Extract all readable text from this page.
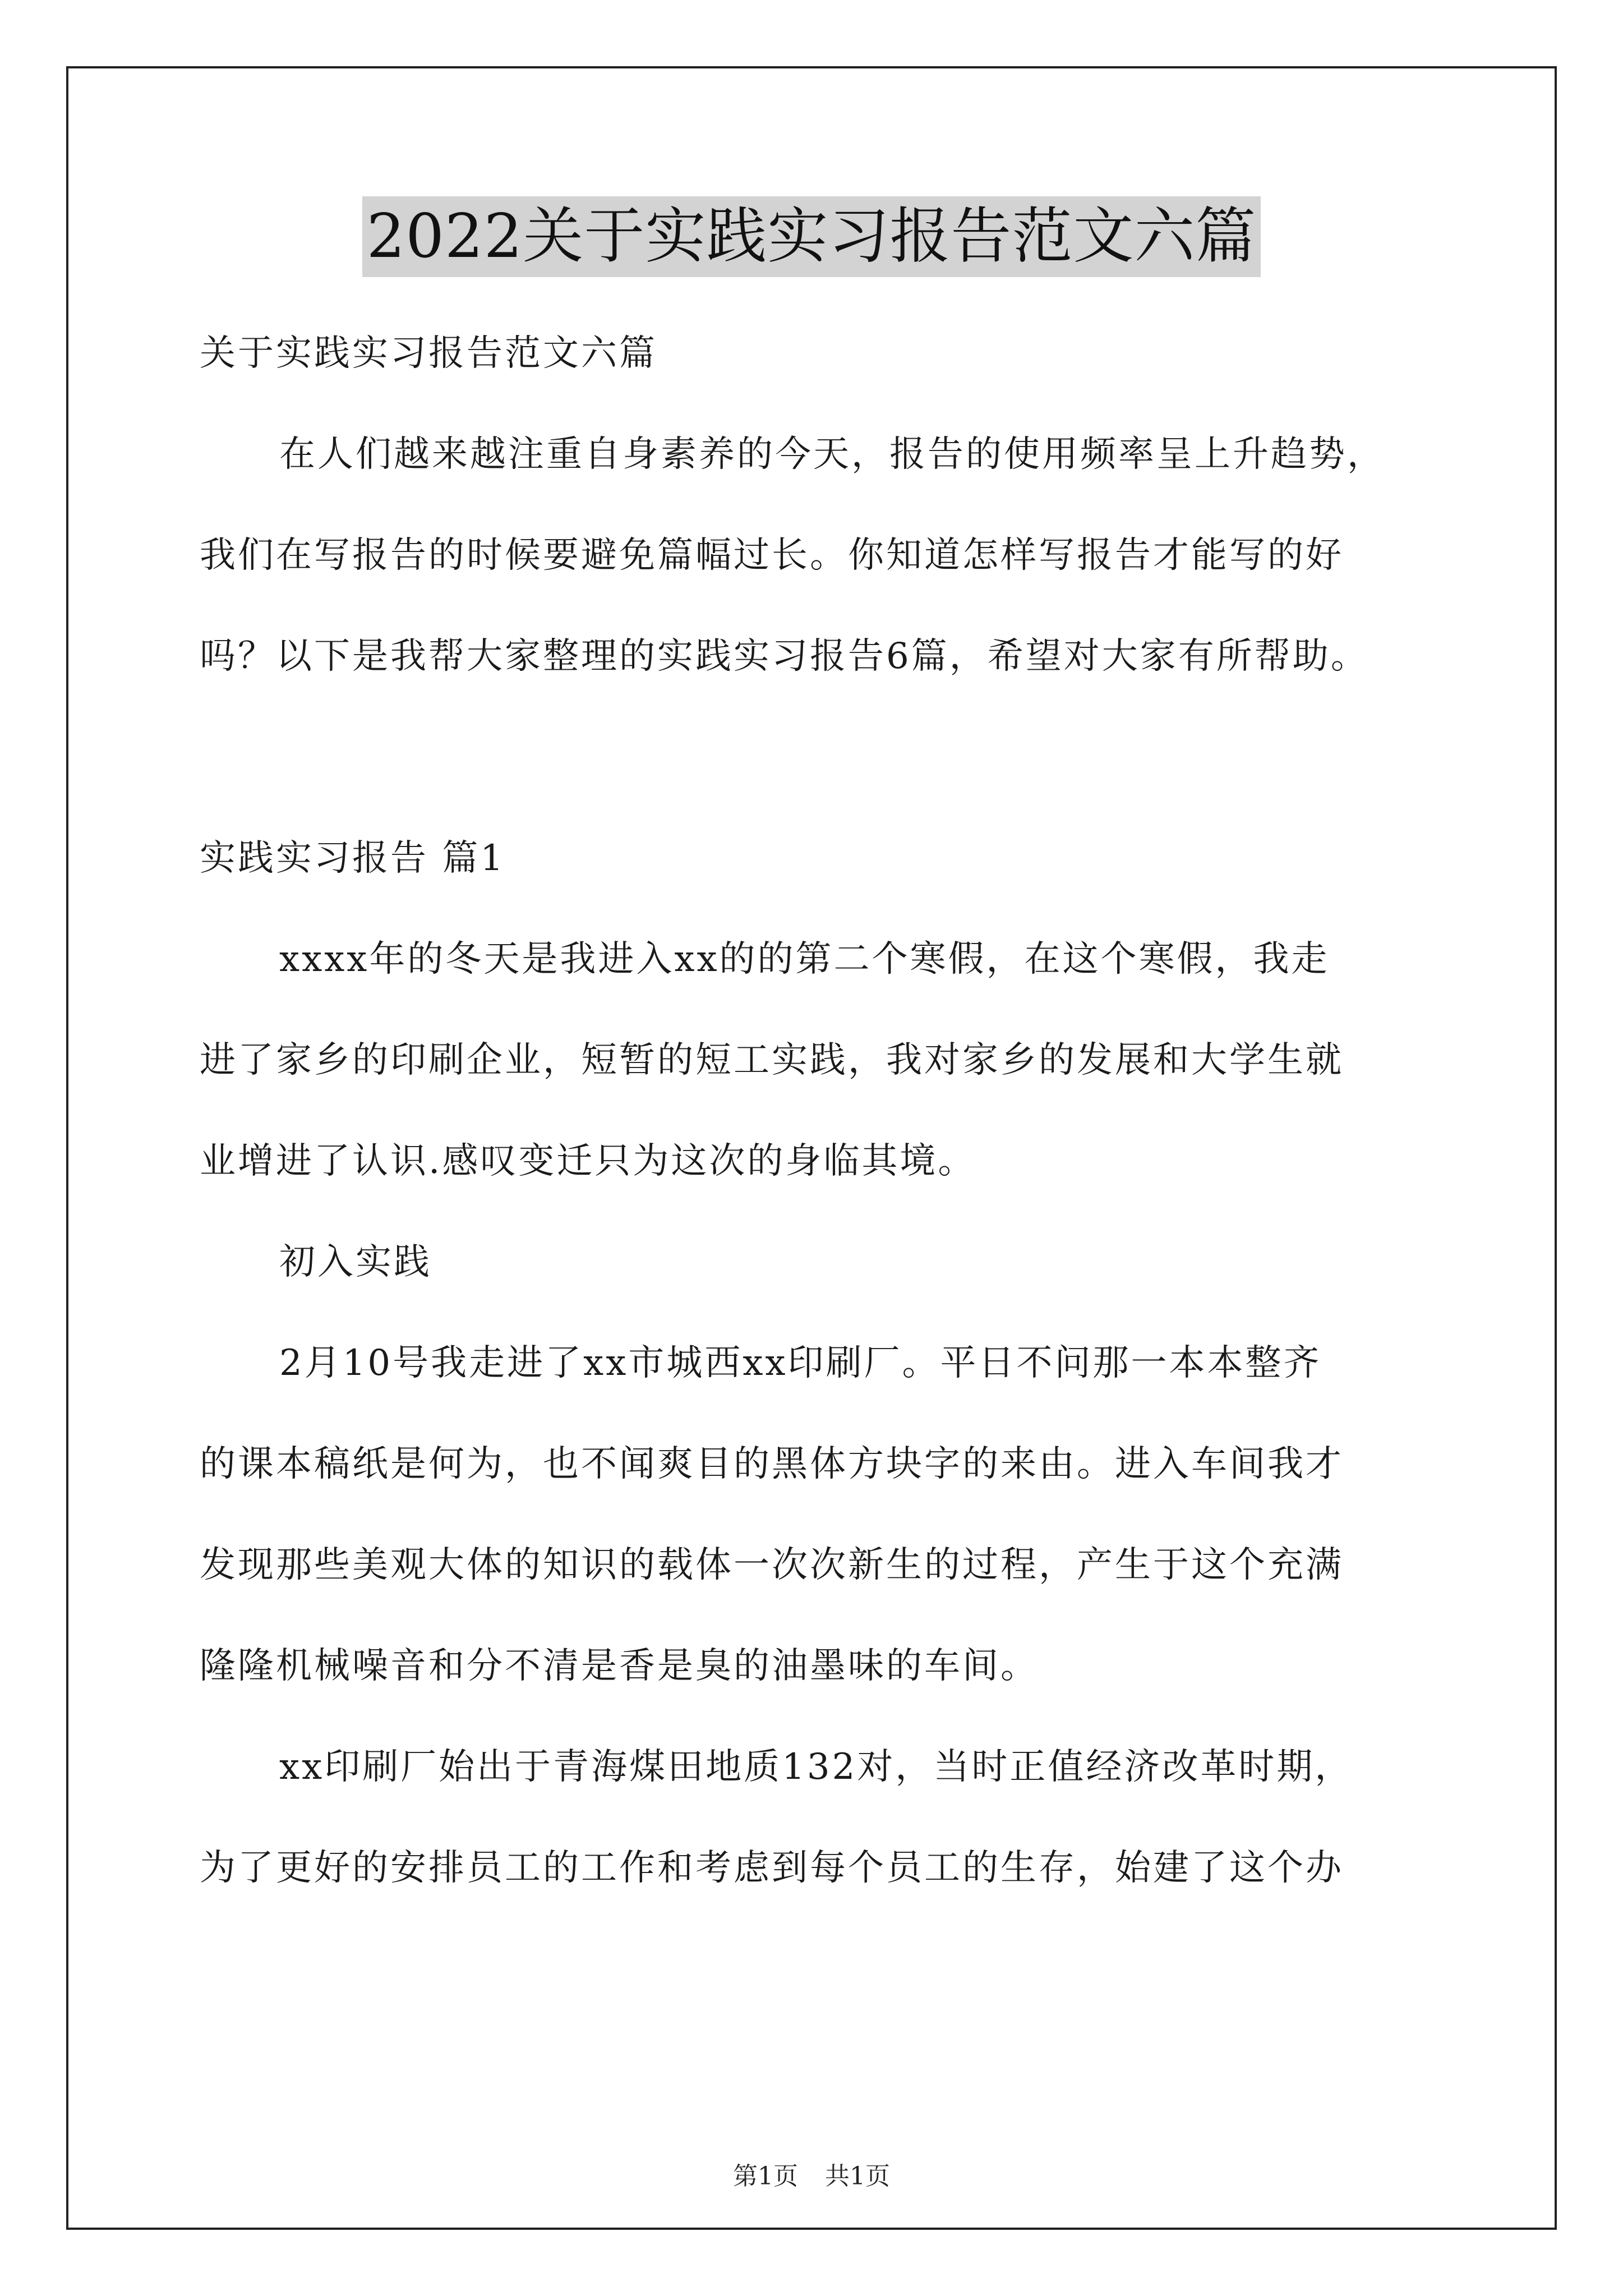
2022关于实践实习报告范文六篇
关于实践实习报告范文六篇
在人们越来越注重自身素养的今天，报告的使用频率呈上升趋势，
我们在写报告的时候要避免篇幅过长。你知道怎样写报告才能写的好
吗？以下是我帮大家整理的实践实习报告6篇，希望对大家有所帮助。
实践实习报告 篇1
xxxx年的冬天是我进入xx的的第二个寒假，在这个寒假，我走
进了家乡的印刷企业，短暂的短工实践，我对家乡的发展和大学生就
业增进了认识.感叹变迁只为这次的身临其境。
初入实践
2月10号我走进了xx市城西xx印刷厂。平日不问那一本本整齐
的课本稿纸是何为，也不闻爽目的黑体方块字的来由。进入车间我才
发现那些美观大体的知识的载体一次次新生的过程，产生于这个充满
隆隆机械噪音和分不清是香是臭的油墨味的车间。
xx印刷厂始出于青海煤田地质132对，当时正值经济改革时期，
为了更好的安排员工的工作和考虑到每个员工的生存，始建了这个办
第1页 共1页
